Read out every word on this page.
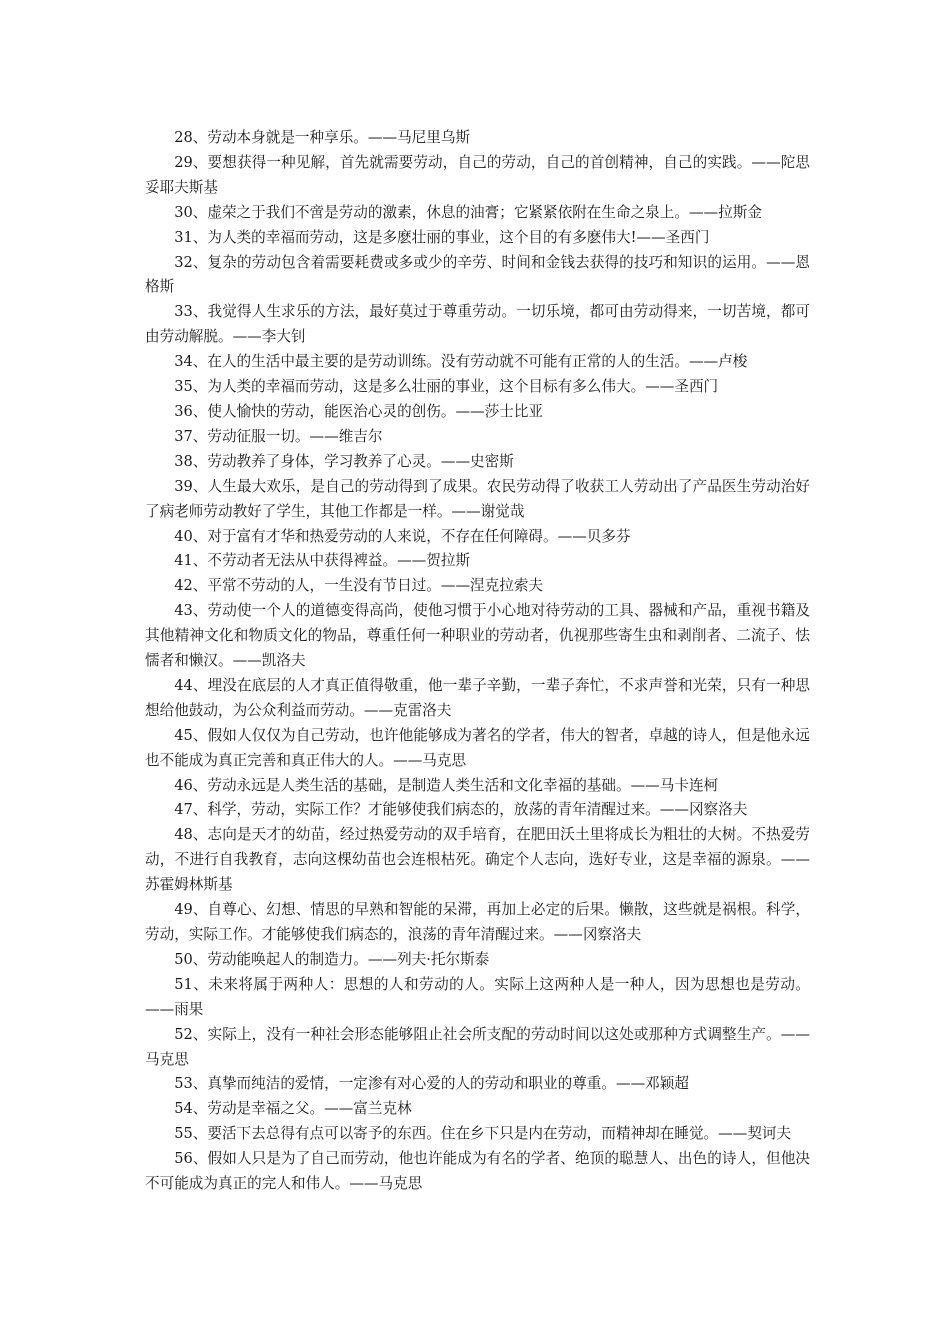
28、劳动本身就是一种享乐。——马尼里乌斯

29、要想获得一种见解，首先就需要劳动，自己的劳动，自己的首创精神，自己的实践。——陀思妥耶夫斯基

30、虚荣之于我们不啻是劳动的激素，休息的油膏；它紧紧依附在生命之泉上。——拉斯金

31、为人类的幸福而劳动，这是多麽壮丽的事业，这个目的有多麽伟大!——圣西门

32、复杂的劳动包含着需要耗费或多或少的辛劳、时间和金钱去获得的技巧和知识的运用。——恩格斯

33、我觉得人生求乐的方法，最好莫过于尊重劳动。一切乐境，都可由劳动得来，一切苦境，都可由劳动解脱。——李大钊

34、在人的生活中最主要的是劳动训练。没有劳动就不可能有正常的人的生活。——卢梭

35、为人类的幸福而劳动，这是多么壮丽的事业，这个目标有多么伟大。——圣西门

36、使人愉快的劳动，能医治心灵的创伤。——莎士比亚

37、劳动征服一切。——维吉尔

38、劳动教养了身体，学习教养了心灵。——史密斯

39、人生最大欢乐，是自己的劳动得到了成果。农民劳动得了收获工人劳动出了产品医生劳动治好了病老师劳动教好了学生，其他工作都是一样。——谢觉哉

40、对于富有才华和热爱劳动的人来说，不存在任何障碍。——贝多芬

41、不劳动者无法从中获得裨益。——贺拉斯

42、平常不劳动的人，一生没有节日过。——涅克拉索夫

43、劳动使一个人的道德变得高尚，使他习惯于小心地对待劳动的工具、器械和产品，重视书籍及其他精神文化和物质文化的物品，尊重任何一种职业的劳动者，仇视那些寄生虫和剥削者、二流子、怯懦者和懒汉。——凯洛夫

44、埋没在底层的人才真正值得敬重，他一辈子辛勤，一辈子奔忙，不求声誉和光荣，只有一种思想给他鼓动，为公众利益而劳动。——克雷洛夫

45、假如人仅仅为自己劳动，也许他能够成为著名的学者，伟大的智者，卓越的诗人，但是他永远也不能成为真正完善和真正伟大的人。——马克思

46、劳动永远是人类生活的基础，是制造人类生活和文化幸福的基础。——马卡连柯

47、科学，劳动，实际工作？才能够使我们病态的，放荡的青年清醒过来。——冈察洛夫

48、志向是天才的幼苗，经过热爱劳动的双手培育，在肥田沃土里将成长为粗壮的大树。不热爱劳动，不进行自我教育，志向这棵幼苗也会连根枯死。确定个人志向，选好专业，这是幸福的源泉。——苏霍姆林斯基

49、自尊心、幻想、情思的早熟和智能的呆滞，再加上必定的后果。懒散，这些就是祸根。科学，劳动，实际工作。才能够使我们病态的，浪荡的青年清醒过来。——冈察洛夫

50、劳动能唤起人的制造力。——列夫·托尔斯泰

51、未来将属于两种人：思想的人和劳动的人。实际上这两种人是一种人，因为思想也是劳动。——雨果

52、实际上，没有一种社会形态能够阻止社会所支配的劳动时间以这处或那种方式调整生产。——马克思

53、真挚而纯洁的爱情，一定渗有对心爱的人的劳动和职业的尊重。——邓颖超

54、劳动是幸福之父。——富兰克林

55、要活下去总得有点可以寄予的东西。住在乡下只是内在劳动，而精神却在睡觉。——契诃夫

56、假如人只是为了自己而劳动，他也许能成为有名的学者、绝顶的聪慧人、出色的诗人，但他决不可能成为真正的完人和伟人。——马克思
